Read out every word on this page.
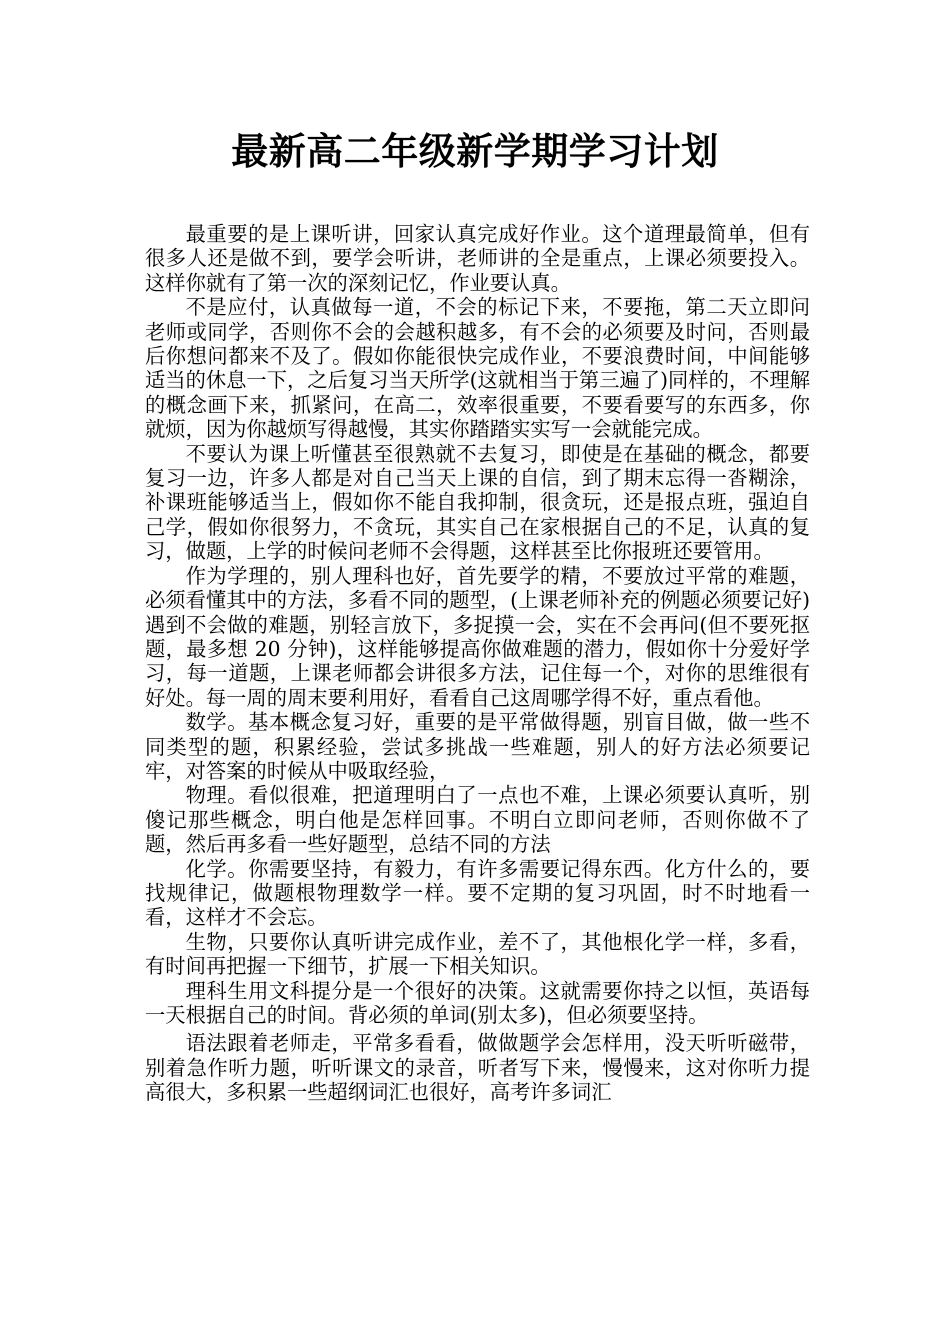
最新高二年级新学期学习计划

最重要的是上课听讲，回家认真完成好作业。这个道理最简单，但有很多人还是做不到，要学会听讲，老师讲的全是重点，上课必须要投入。这样你就有了第一次的深刻记忆，作业要认真。

不是应付，认真做每一道，不会的标记下来，不要拖，第二天立即问老师或同学，否则你不会的会越积越多，有不会的必须要及时问，否则最后你想问都来不及了。假如你能很快完成作业，不要浪费时间，中间能够适当的休息一下，之后复习当天所学(这就相当于第三遍了)同样的，不理解的概念画下来，抓紧问，在高二，效率很重要，不要看要写的东西多，你就烦，因为你越烦写得越慢，其实你踏踏实实写一会就能完成。

不要认为课上听懂甚至很熟就不去复习，即使是在基础的概念，都要复习一边，许多人都是对自己当天上课的自信，到了期末忘得一沓糊涂，补课班能够适当上，假如你不能自我抑制，很贪玩，还是报点班，强迫自己学，假如你很努力，不贪玩，其实自己在家根据自己的不足，认真的复习，做题，上学的时候问老师不会得题，这样甚至比你报班还要管用。

作为学理的，别人理科也好，首先要学的精，不要放过平常的难题，必须看懂其中的方法，多看不同的题型，(上课老师补充的例题必须要记好)遇到不会做的难题，别轻言放下，多捉摸一会，实在不会再问(但不要死抠题，最多想 20 分钟)，这样能够提高你做难题的潜力，假如你十分爱好学习，每一道题，上课老师都会讲很多方法，记住每一个，对你的思维很有好处。每一周的周末要利用好，看看自己这周哪学得不好，重点看他。

数学。基本概念复习好，重要的是平常做得题，别盲目做，做一些不同类型的题，积累经验，尝试多挑战一些难题，别人的好方法必须要记牢，对答案的时候从中吸取经验，

物理。看似很难，把道理明白了一点也不难，上课必须要认真听，别傻记那些概念，明白他是怎样回事。不明白立即问老师，否则你做不了题，然后再多看一些好题型，总结不同的方法

化学。你需要坚持，有毅力，有许多需要记得东西。化方什么的，要找规律记，做题根物理数学一样。要不定期的复习巩固，时不时地看一看，这样才不会忘。

生物，只要你认真听讲完成作业，差不了，其他根化学一样，多看，有时间再把握一下细节，扩展一下相关知识。

理科生用文科提分是一个很好的决策。这就需要你持之以恒，英语每一天根据自己的时间。背必须的单词(别太多)，但必须要坚持。

语法跟着老师走，平常多看看，做做题学会怎样用，没天听听磁带，别着急作听力题，听听课文的录音，听者写下来，慢慢来，这对你听力提高很大，多积累一些超纲词汇也很好，高考许多词汇
